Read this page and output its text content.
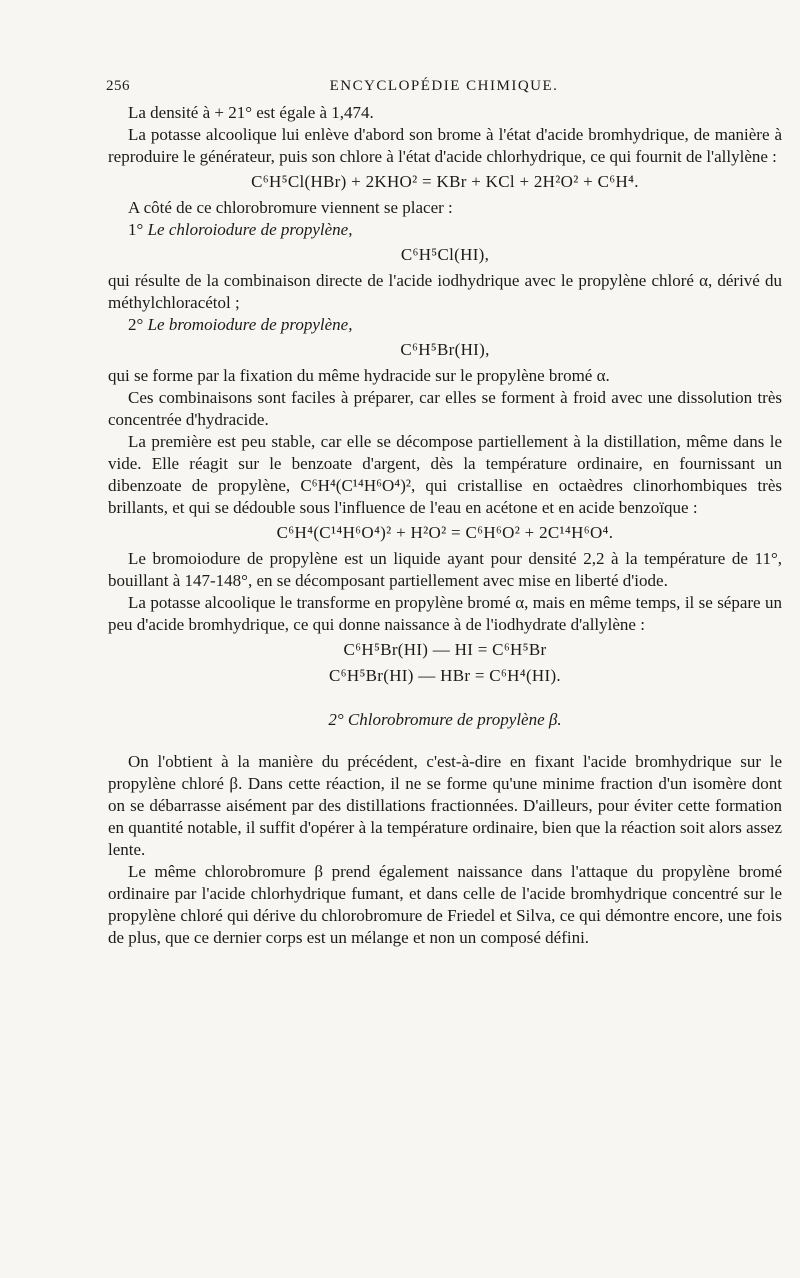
256	ENCYCLOPÉDIE CHIMIQUE.

La densité à + 21° est égale à 1,474.

La potasse alcoolique lui enlève d'abord son brome à l'état d'acide bromhydrique, de manière à reproduire le générateur, puis son chlore à l'état d'acide chlorhydrique, ce qui fournit de l'allylène :

C⁶H⁵Cl(HBr) + 2KHO² = KBr + KCl + 2H²O² + C⁶H⁴.

A côté de ce chlorobromure viennent se placer :

1° Le chloroiodure de propylène,

C⁶H⁵Cl(HI),

qui résulte de la combinaison directe de l'acide iodhydrique avec le propylène chloré α, dérivé du méthylchloracétol ;

2° Le bromoiodure de propylène,

C⁶H⁵Br(HI),

qui se forme par la fixation du même hydracide sur le propylène bromé α.

Ces combinaisons sont faciles à préparer, car elles se forment à froid avec une dissolution très concentrée d'hydracide.

La première est peu stable, car elle se décompose partiellement à la distillation, même dans le vide. Elle réagit sur le benzoate d'argent, dès la température ordinaire, en fournissant un dibenzoate de propylène, C⁶H⁴(C¹⁴H⁶O⁴)², qui cristallise en octaèdres clinorhombiques très brillants, et qui se dédouble sous l'influence de l'eau en acétone et en acide benzoïque :

C⁶H⁴(C¹⁴H⁶O⁴)² + H²O² = C⁶H⁶O² + 2C¹⁴H⁶O⁴.

Le bromoiodure de propylène est un liquide ayant pour densité 2,2 à la température de 11°, bouillant à 147-148°, en se décomposant partiellement avec mise en liberté d'iode.

La potasse alcoolique le transforme en propylène bromé α, mais en même temps, il se sépare un peu d'acide bromhydrique, ce qui donne naissance à de l'iodhydrate d'allylène :

C⁶H⁵Br(HI) — HI = C⁶H⁵Br
C⁶H⁵Br(HI) — HBr = C⁶H⁴(HI).
2° Chlorobromure de propylène β.

On l'obtient à la manière du précédent, c'est-à-dire en fixant l'acide bromhydrique sur le propylène chloré β. Dans cette réaction, il ne se forme qu'une minime fraction d'un isomère dont on se débarrasse aisément par des distillations fractionnées. D'ailleurs, pour éviter cette formation en quantité notable, il suffit d'opérer à la température ordinaire, bien que la réaction soit alors assez lente.

Le même chlorobromure β prend également naissance dans l'attaque du propylène bromé ordinaire par l'acide chlorhydrique fumant, et dans celle de l'acide bromhydrique concentré sur le propylène chloré qui dérive du chlorobromure de Friedel et Silva, ce qui démontre encore, une fois de plus, que ce dernier corps est un mélange et non un composé défini.
